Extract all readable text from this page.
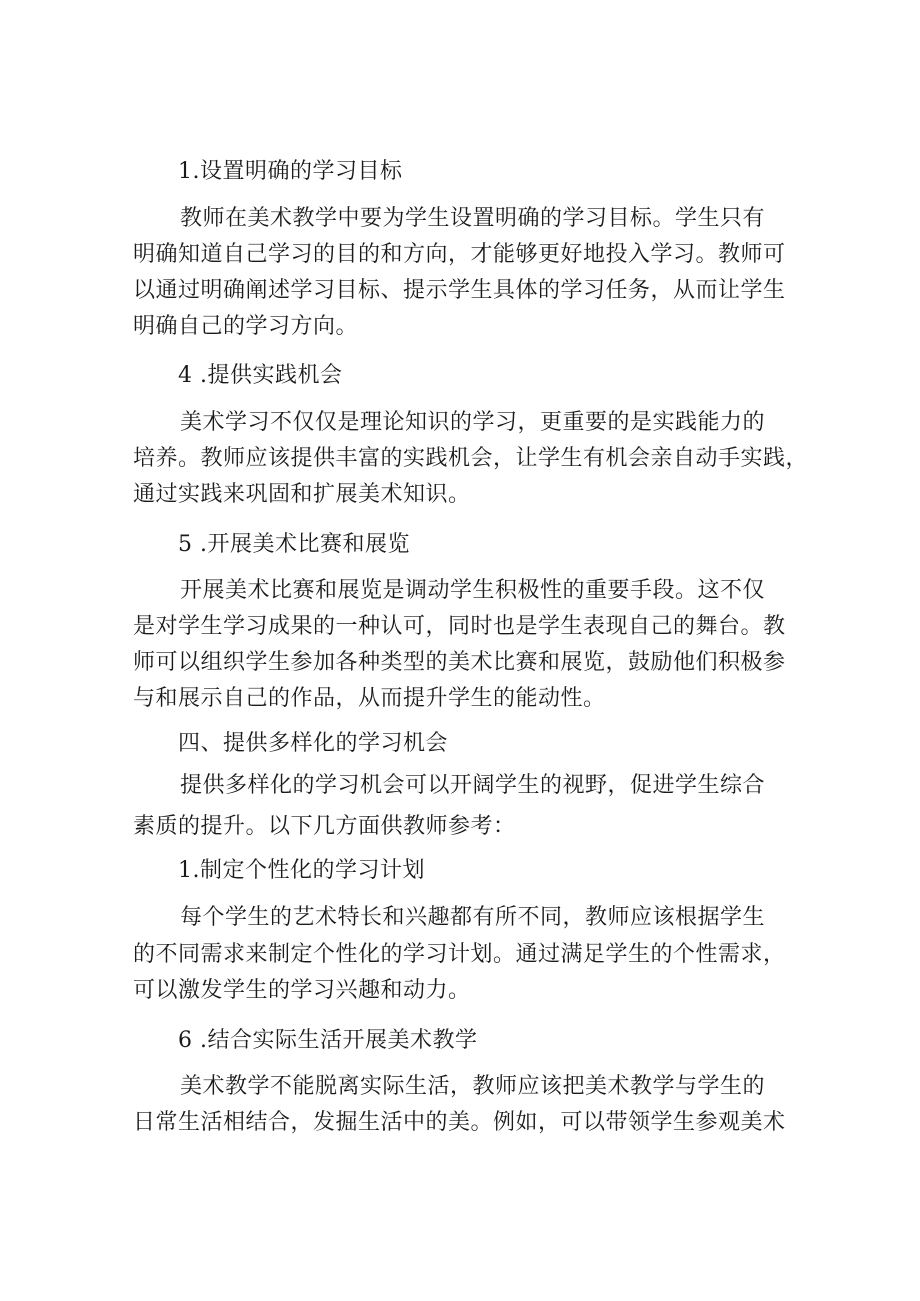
1.设置明确的学习目标
教师在美术教学中要为学生设置明确的学习目标。学生只有
明确知道自己学习的目的和方向，才能够更好地投入学习。教师可
以通过明确阐述学习目标、提示学生具体的学习任务，从而让学生
明确自己的学习方向。
4 .提供实践机会
美术学习不仅仅是理论知识的学习，更重要的是实践能力的
培养。教师应该提供丰富的实践机会，让学生有机会亲自动手实践，
通过实践来巩固和扩展美术知识。
5 .开展美术比赛和展览
开展美术比赛和展览是调动学生积极性的重要手段。这不仅
是对学生学习成果的一种认可，同时也是学生表现自己的舞台。教
师可以组织学生参加各种类型的美术比赛和展览，鼓励他们积极参
与和展示自己的作品，从而提升学生的能动性。
四、提供多样化的学习机会
提供多样化的学习机会可以开阔学生的视野，促进学生综合
素质的提升。以下几方面供教师参考：
1.制定个性化的学习计划
每个学生的艺术特长和兴趣都有所不同，教师应该根据学生
的不同需求来制定个性化的学习计划。通过满足学生的个性需求，
可以激发学生的学习兴趣和动力。
6 .结合实际生活开展美术教学
美术教学不能脱离实际生活，教师应该把美术教学与学生的
日常生活相结合，发掘生活中的美。例如，可以带领学生参观美术
